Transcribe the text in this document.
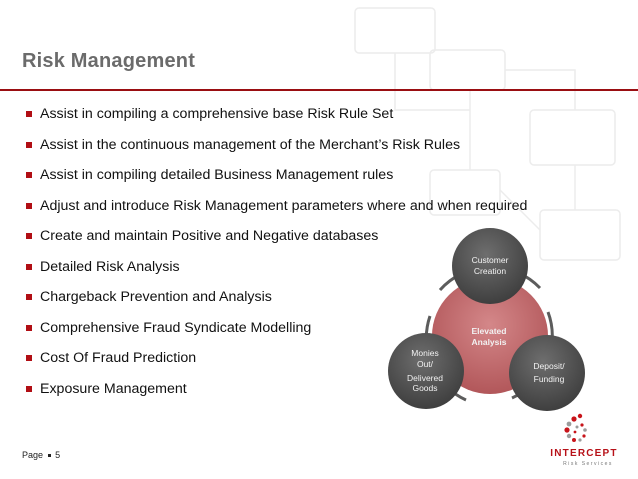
Risk Management
Assist in compiling a comprehensive base Risk Rule Set
Assist in the continuous management of the Merchant’s Risk Rules
Assist in compiling detailed Business Management rules
Adjust and introduce Risk Management parameters where and when required
Create and maintain Positive and Negative databases
Detailed Risk Analysis
Chargeback Prevention and Analysis
Comprehensive Fraud Syndicate Modelling
Cost Of Fraud Prediction
Exposure Management
Customer
Creation
Elevated
Analysis
Deposit/
Funding
Monies
Out/
Delivered
Goods
Page 5	INTERCEPT
Risk Services
